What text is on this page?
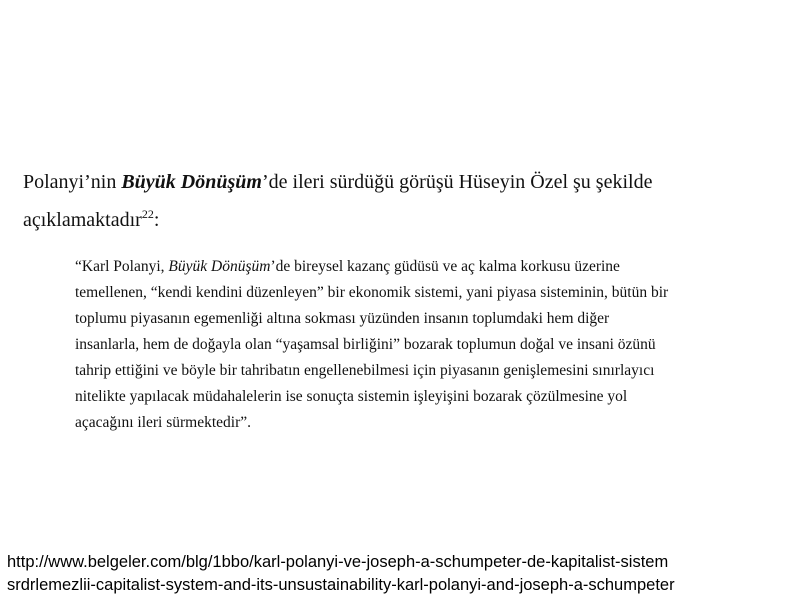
Polanyi’nin Büyük Dönüşüm’de ileri sürdüğü görüşü Hüseyin Özel şu şekilde
açıklamaktadır$^{22}$:
“Karl Polanyi, Büyük Dönüşüm’de bireysel kazanç güdüsü ve aç kalma korkusu üzerine
temellenen, “kendi kendini düzenleyen” bir ekonomik sistemi, yani piyasa sisteminin, bütün bir
toplumu piyasanın egemenliği altına sokması yüzünden insanın toplumdaki hem diğer
insanlarla, hem de doğayla olan “yaşamsal birliğini” bozarak toplumun doğal ve insani özünü
tahrip ettiğini ve böyle bir tahribatın engellenebilmesi için piyasanın genişlemesini sınırlayıcı
nitelikte yapılacak müdahalelerin ise sonuçta sistemin işleyişini bozarak çözülmesine yol
açacağını ileri sürmektedir”.
http://www.belgeler.com/blg/1bbo/karl-polanyi-ve-joseph-a-schumpeter-de-kapitalist-sistem
srdrlemezlii-capitalist-system-and-its-unsustainability-karl-polanyi-and-joseph-a-schumpeter
